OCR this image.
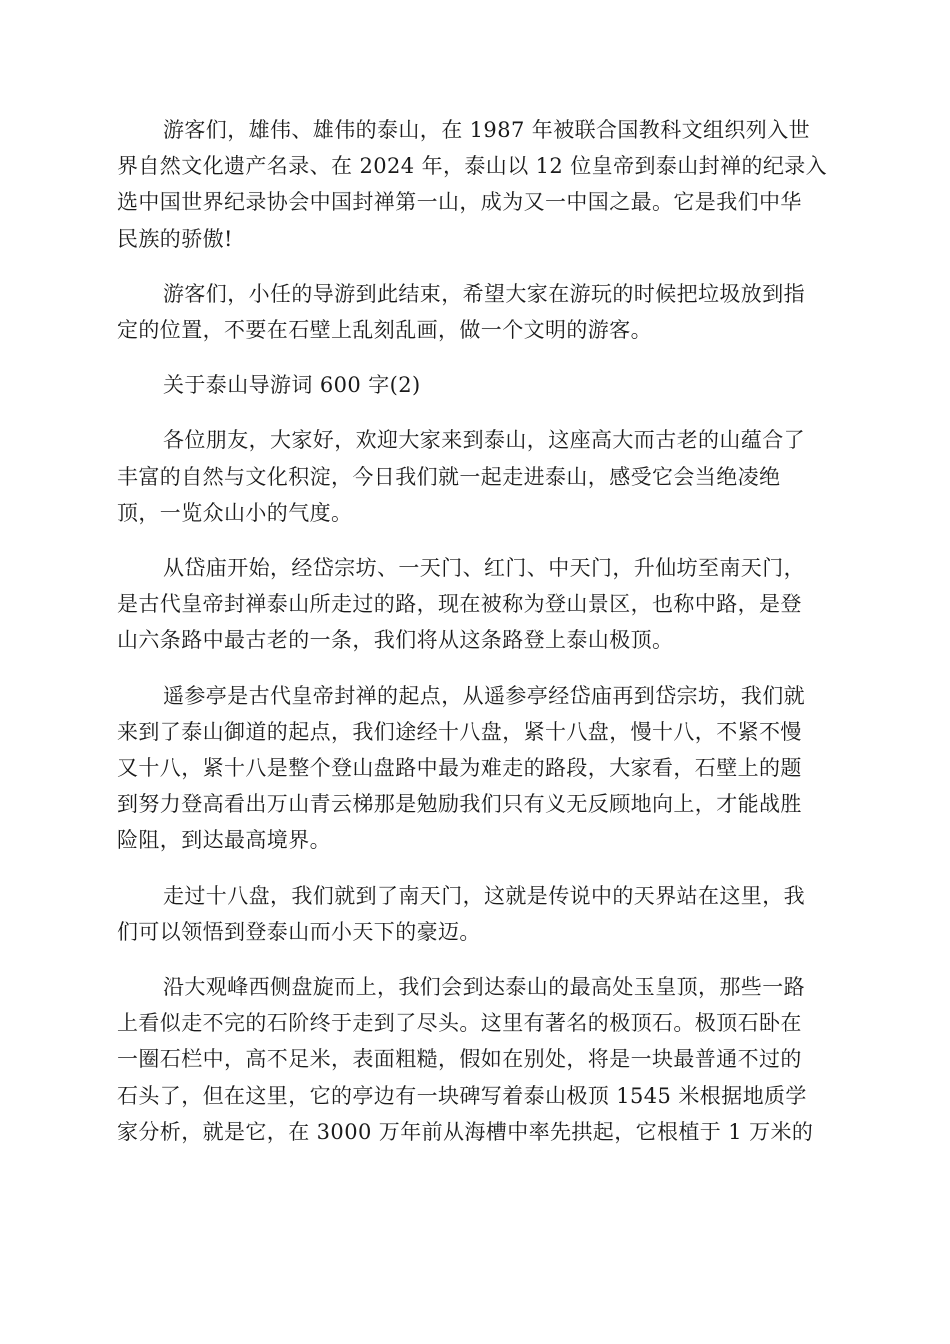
游客们，雄伟、雄伟的泰山，在 1987 年被联合国教科文组织列入世
界自然文化遗产名录、在 2024 年，泰山以 12 位皇帝到泰山封禅的纪录入
选中国世界纪录协会中国封禅第一山，成为又一中国之最。它是我们中华
民族的骄傲!

游客们，小任的导游到此结束，希望大家在游玩的时候把垃圾放到指
定的位置，不要在石壁上乱刻乱画，做一个文明的游客。

关于泰山导游词 600 字(2)

各位朋友，大家好，欢迎大家来到泰山，这座高大而古老的山蕴合了
丰富的自然与文化积淀，今日我们就一起走进泰山，感受它会当绝凌绝
顶，一览众山小的气度。

从岱庙开始，经岱宗坊、一天门、红门、中天门，升仙坊至南天门，
是古代皇帝封禅泰山所走过的路，现在被称为登山景区，也称中路，是登
山六条路中最古老的一条，我们将从这条路登上泰山极顶。

遥参亭是古代皇帝封禅的起点，从遥参亭经岱庙再到岱宗坊，我们就
来到了泰山御道的起点，我们途经十八盘，紧十八盘，慢十八，不紧不慢
又十八，紧十八是整个登山盘路中最为难走的路段，大家看，石壁上的题
到努力登高看出万山青云梯那是勉励我们只有义无反顾地向上，才能战胜
险阻，到达最高境界。

走过十八盘，我们就到了南天门，这就是传说中的天界站在这里，我
们可以领悟到登泰山而小天下的豪迈。

沿大观峰西侧盘旋而上，我们会到达泰山的最高处玉皇顶，那些一路
上看似走不完的石阶终于走到了尽头。这里有著名的极顶石。极顶石卧在
一圈石栏中，高不足米，表面粗糙，假如在别处，将是一块最普通不过的
石头了，但在这里，它的亭边有一块碑写着泰山极顶 1545 米根据地质学
家分析，就是它，在 3000 万年前从海槽中率先拱起，它根植于 1 万米的
